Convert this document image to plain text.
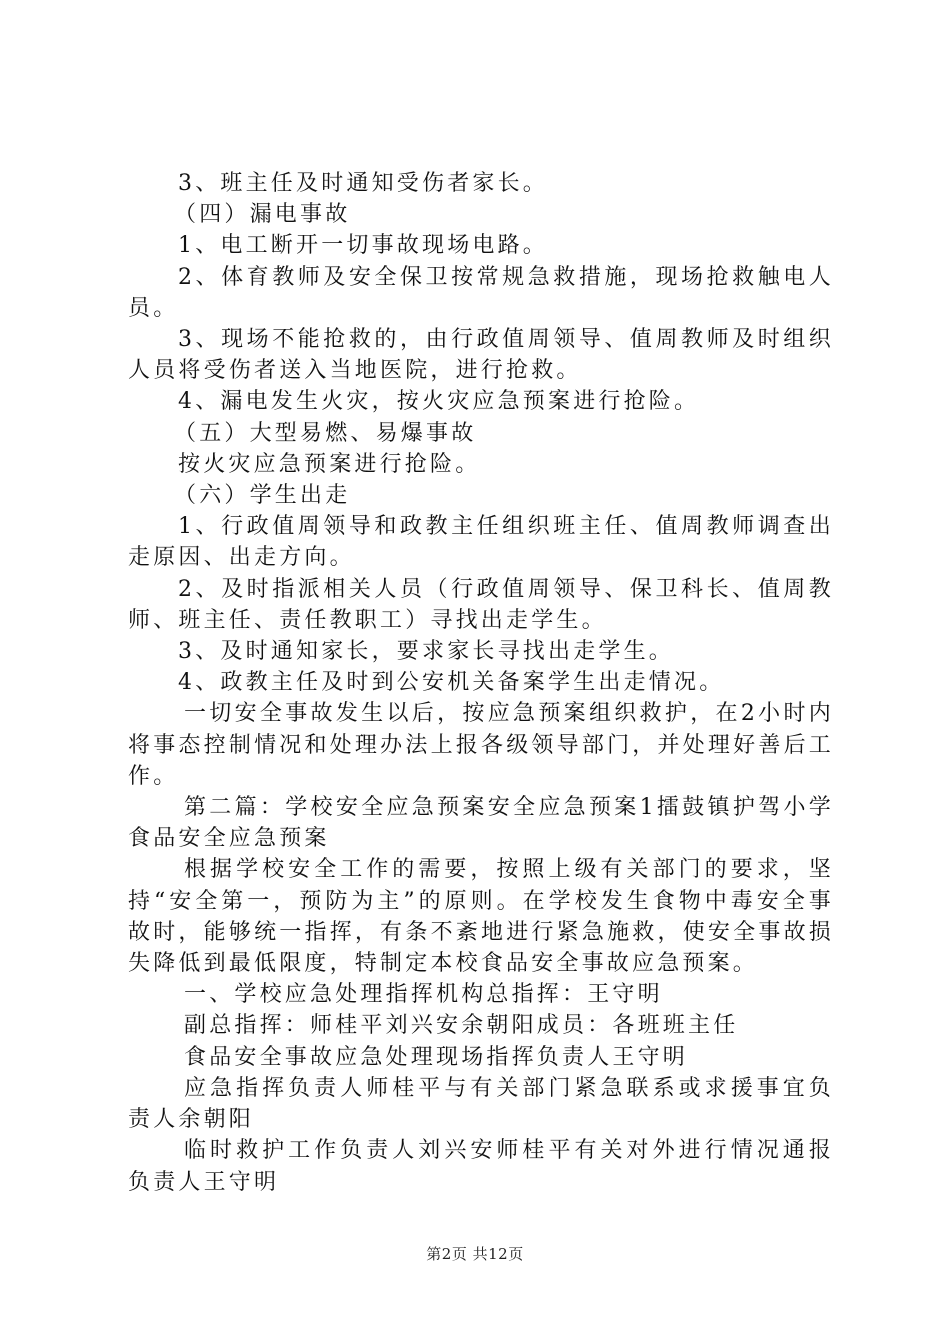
3、班主任及时通知受伤者家长。

（四）漏电事故

1、电工断开一切事故现场电路。

2、体育教师及安全保卫按常规急救措施，现场抢救触电人员。

3、现场不能抢救的，由行政值周领导、值周教师及时组织人员将受伤者送入当地医院，进行抢救。

4、漏电发生火灾，按火灾应急预案进行抢险。

（五）大型易燃、易爆事故

按火灾应急预案进行抢险。

（六）学生出走

1、行政值周领导和政教主任组织班主任、值周教师调查出走原因、出走方向。

2、及时指派相关人员（行政值周领导、保卫科长、值周教师、班主任、责任教职工）寻找出走学生。

3、及时通知家长，要求家长寻找出走学生。

4、政教主任及时到公安机关备案学生出走情况。

一切安全事故发生以后，按应急预案组织救护，在2小时内将事态控制情况和处理办法上报各级领导部门，并处理好善后工作。

第二篇：学校安全应急预案安全应急预案1擂鼓镇护驾小学食品安全应急预案

根据学校安全工作的需要，按照上级有关部门的要求，坚持“安全第一，预防为主”的原则。在学校发生食物中毒安全事故时，能够统一指挥，有条不紊地进行紧急施救，使安全事故损失降低到最低限度，特制定本校食品安全事故应急预案。

一、学校应急处理指挥机构总指挥：王守明

副总指挥：师桂平刘兴安余朝阳成员：各班班主任

食品安全事故应急处理现场指挥负责人王守明

应急指挥负责人师桂平与有关部门紧急联系或求援事宜负责人余朝阳

临时救护工作负责人刘兴安师桂平有关对外进行情况通报负责人王守明

第2页 共12页
